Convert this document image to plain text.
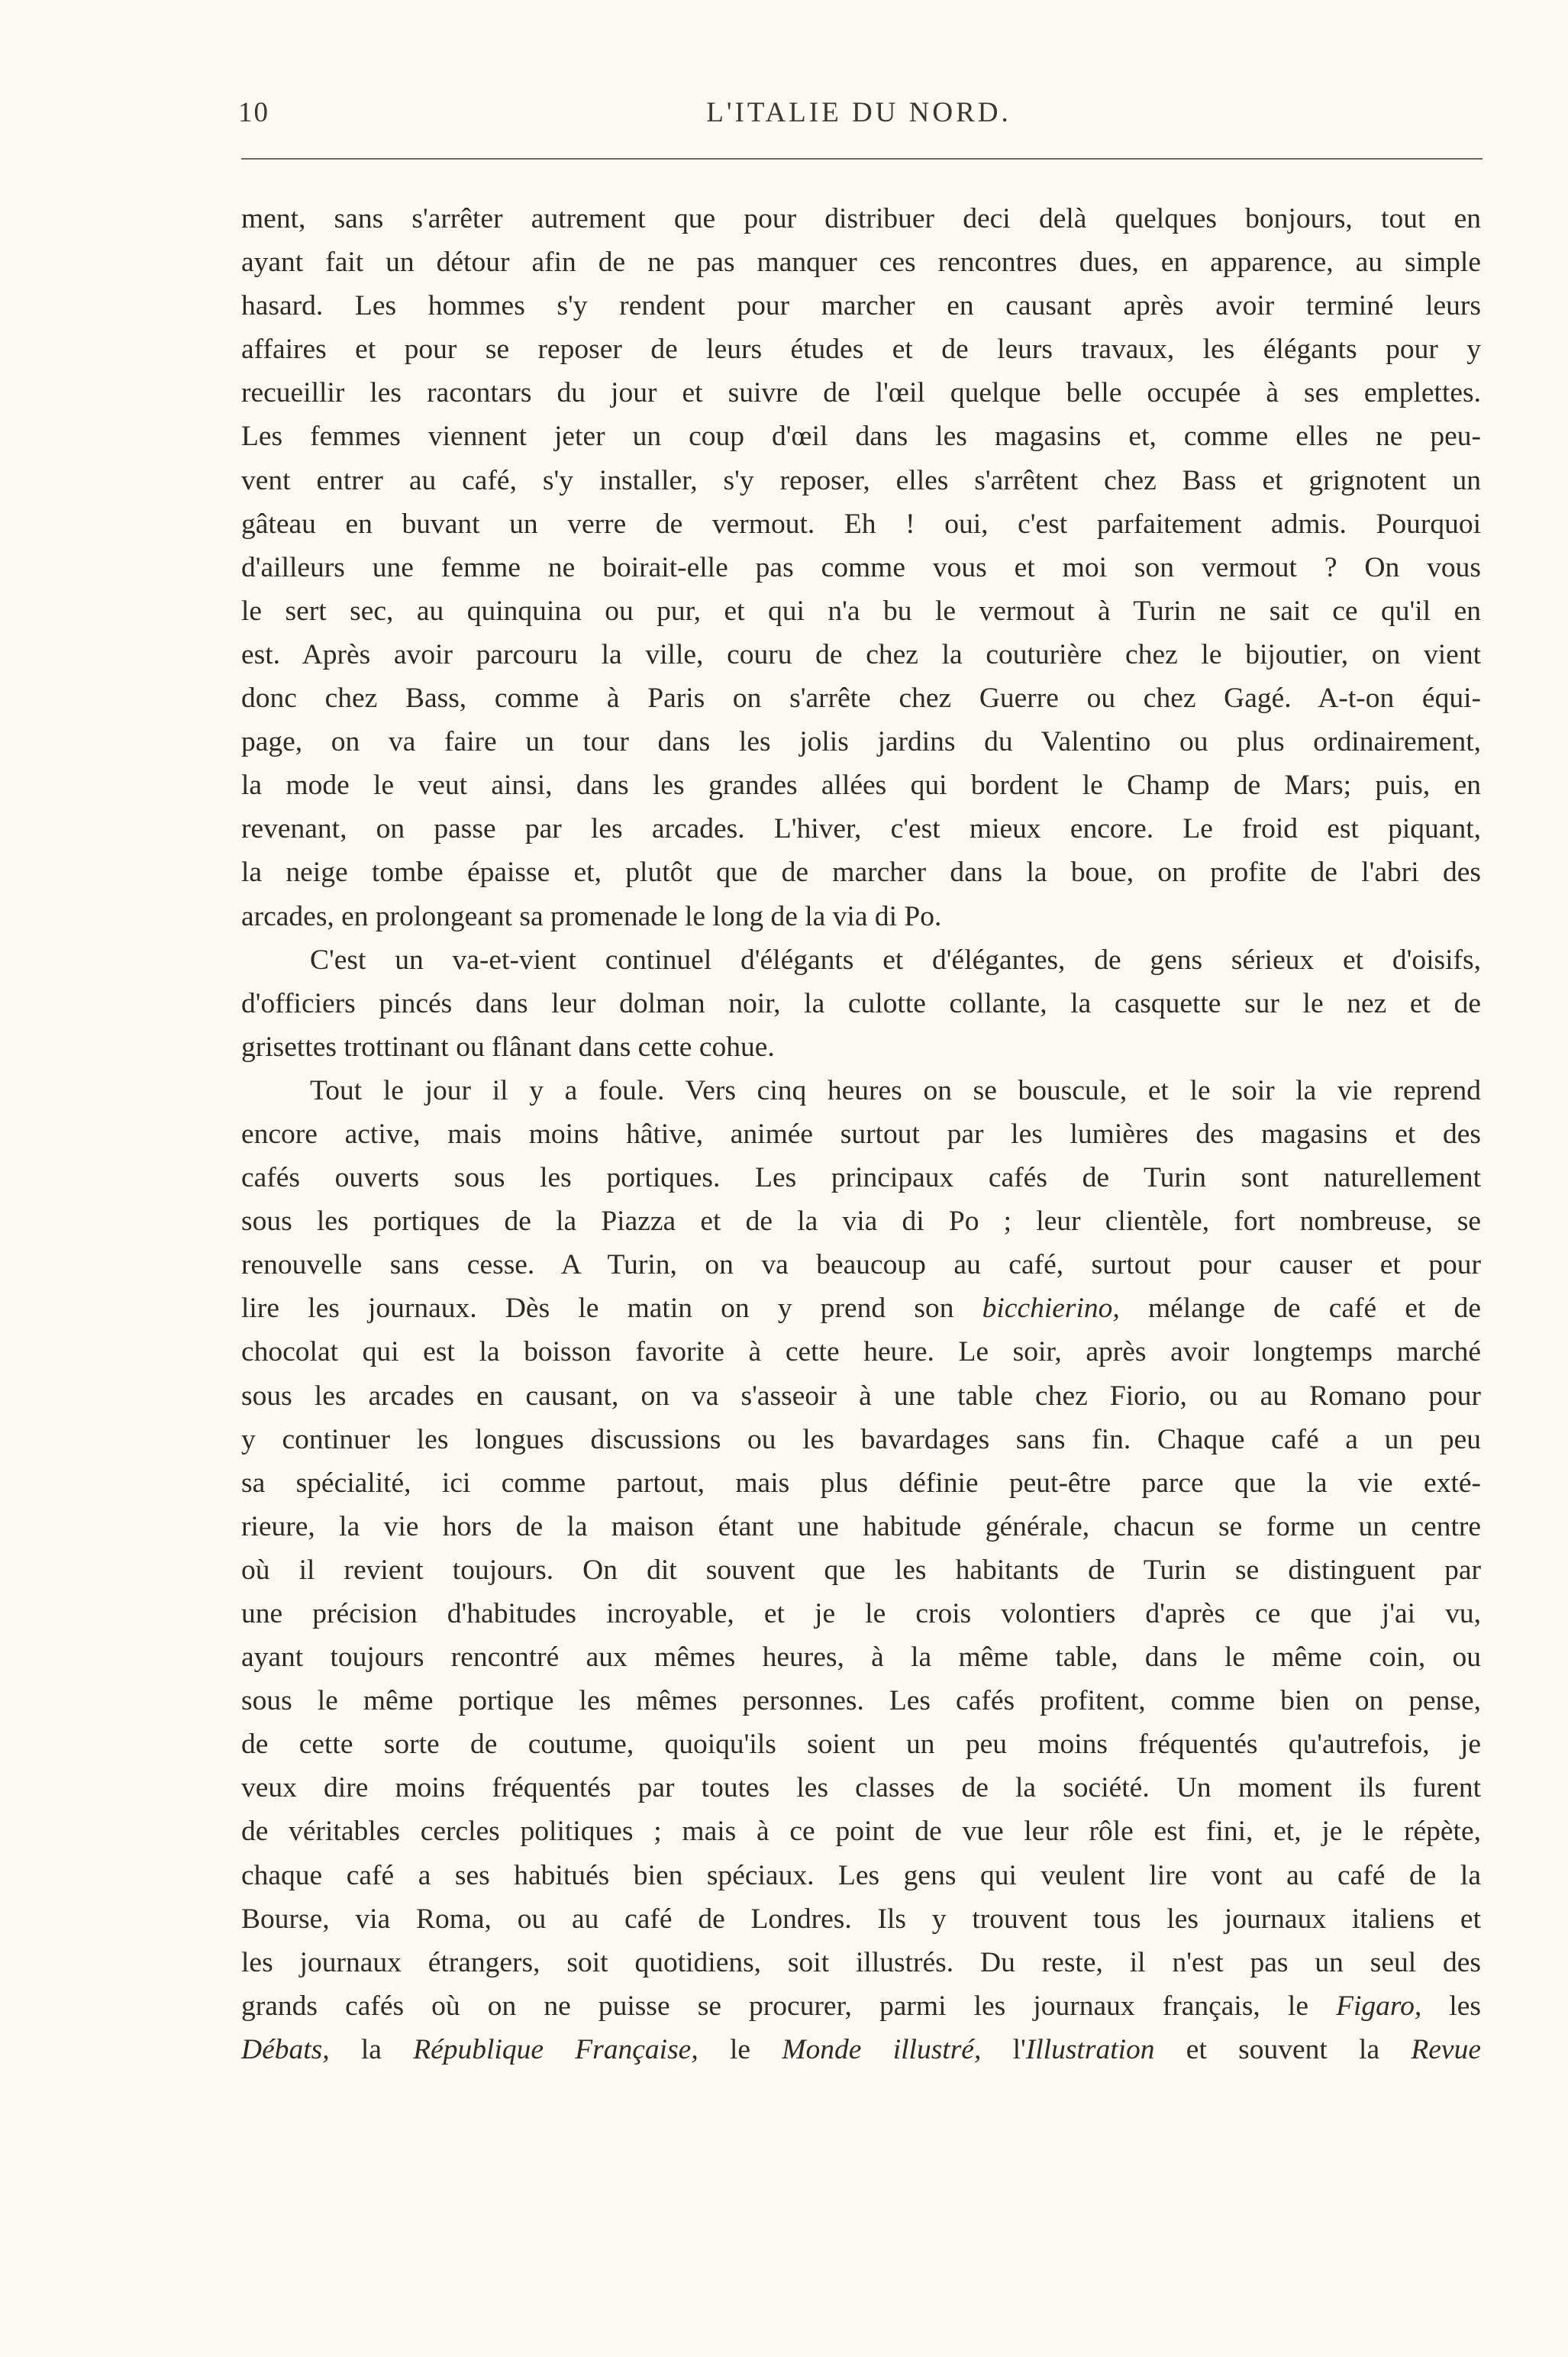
10	L'ITALIE DU NORD.
ment, sans s'arrêter autrement que pour distribuer deci delà quelques bonjours, tout en
ayant fait un détour afin de ne pas manquer ces rencontres dues, en apparence, au simple
hasard. Les hommes s'y rendent pour marcher en causant après avoir terminé leurs
affaires et pour se reposer de leurs études et de leurs travaux, les élégants pour y
recueillir les racontars du jour et suivre de l'œil quelque belle occupée à ses emplettes.
Les femmes viennent jeter un coup d'œil dans les magasins et, comme elles ne peu-
vent entrer au café, s'y installer, s'y reposer, elles s'arrêtent chez Bass et grignotent un
gâteau en buvant un verre de vermout. Eh ! oui, c'est parfaitement admis. Pourquoi
d'ailleurs une femme ne boirait-elle pas comme vous et moi son vermout ? On vous
le sert sec, au quinquina ou pur, et qui n'a bu le vermout à Turin ne sait ce qu'il en
est. Après avoir parcouru la ville, couru de chez la couturière chez le bijoutier, on vient
donc chez Bass, comme à Paris on s'arrête chez Guerre ou chez Gagé. A-t-on équi-
page, on va faire un tour dans les jolis jardins du Valentino ou plus ordinairement,
la mode le veut ainsi, dans les grandes allées qui bordent le Champ de Mars; puis, en
revenant, on passe par les arcades. L'hiver, c'est mieux encore. Le froid est piquant,
la neige tombe épaisse et, plutôt que de marcher dans la boue, on profite de l'abri des
arcades, en prolongeant sa promenade le long de la via di Po.
C'est un va-et-vient continuel d'élégants et d'élégantes, de gens sérieux et d'oisifs,
d'officiers pincés dans leur dolman noir, la culotte collante, la casquette sur le nez et de
grisettes trottinant ou flânant dans cette cohue.
Tout le jour il y a foule. Vers cinq heures on se bouscule, et le soir la vie reprend
encore active, mais moins hâtive, animée surtout par les lumières des magasins et des
cafés ouverts sous les portiques. Les principaux cafés de Turin sont naturellement
sous les portiques de la Piazza et de la via di Po ; leur clientèle, fort nombreuse, se
renouvelle sans cesse. A Turin, on va beaucoup au café, surtout pour causer et pour
lire les journaux. Dès le matin on y prend son bicchierino, mélange de café et de
chocolat qui est la boisson favorite à cette heure. Le soir, après avoir longtemps marché
sous les arcades en causant, on va s'asseoir à une table chez Fiorio, ou au Romano pour
y continuer les longues discussions ou les bavardages sans fin. Chaque café a un peu
sa spécialité, ici comme partout, mais plus définie peut-être parce que la vie exté-
rieure, la vie hors de la maison étant une habitude générale, chacun se forme un centre
où il revient toujours. On dit souvent que les habitants de Turin se distinguent par
une précision d'habitudes incroyable, et je le crois volontiers d'après ce que j'ai vu,
ayant toujours rencontré aux mêmes heures, à la même table, dans le même coin, ou
sous le même portique les mêmes personnes. Les cafés profitent, comme bien on pense,
de cette sorte de coutume, quoiqu'ils soient un peu moins fréquentés qu'autrefois, je
veux dire moins fréquentés par toutes les classes de la société. Un moment ils furent
de véritables cercles politiques ; mais à ce point de vue leur rôle est fini, et, je le répète,
chaque café a ses habitués bien spéciaux. Les gens qui veulent lire vont au café de la
Bourse, via Roma, ou au café de Londres. Ils y trouvent tous les journaux italiens et
les journaux étrangers, soit quotidiens, soit illustrés. Du reste, il n'est pas un seul des
grands cafés où on ne puisse se procurer, parmi les journaux français, le Figaro, les
Débats, la République Française, le Monde illustré, l'Illustration et souvent la Revue
